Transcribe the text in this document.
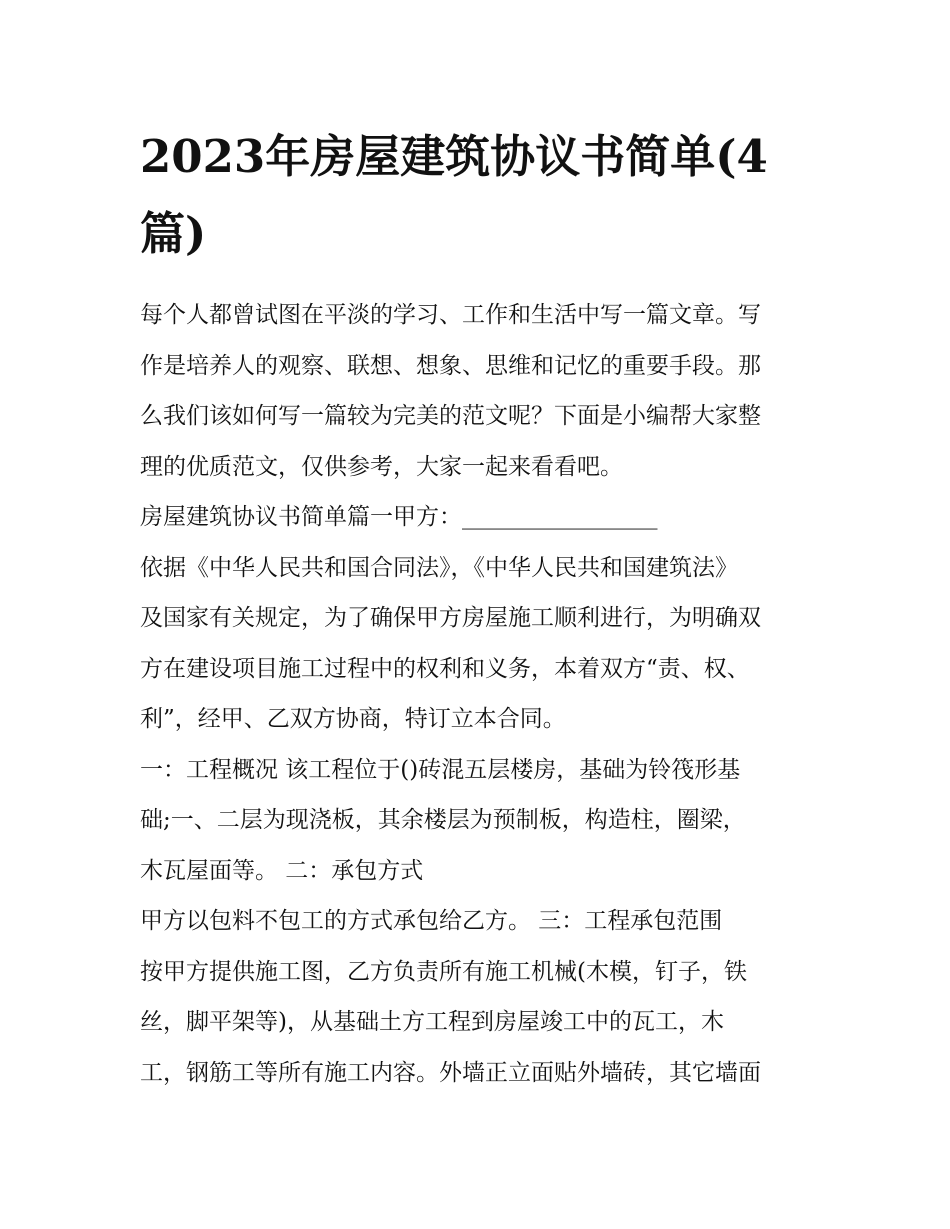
2023年房屋建筑协议书简单(4
篇)
每个人都曾试图在平淡的学习、工作和生活中写一篇文章。写
作是培养人的观察、联想、想象、思维和记忆的重要手段。那
么我们该如何写一篇较为完美的范文呢？下面是小编帮大家整
理的优质范文，仅供参考，大家一起来看看吧。
房屋建筑协议书简单篇一甲方：_________________
依据《中华人民共和国合同法》，《中华人民共和国建筑法》
及国家有关规定，为了确保甲方房屋施工顺利进行，为明确双
方在建设项目施工过程中的权利和义务，本着双方“责、权、
利”，经甲、乙双方协商，特订立本合同。
一：工程概况 该工程位于()砖混五层楼房，基础为铃筏形基
础;一、二层为现浇板，其余楼层为预制板，构造柱，圈梁，
木瓦屋面等。 二：承包方式
甲方以包料不包工的方式承包给乙方。 三：工程承包范围
按甲方提供施工图，乙方负责所有施工机械(木模，钉子，铁
丝，脚平架等)，从基础土方工程到房屋竣工中的瓦工，木
工，钢筋工等所有施工内容。外墙正立面贴外墙砖，其它墙面
